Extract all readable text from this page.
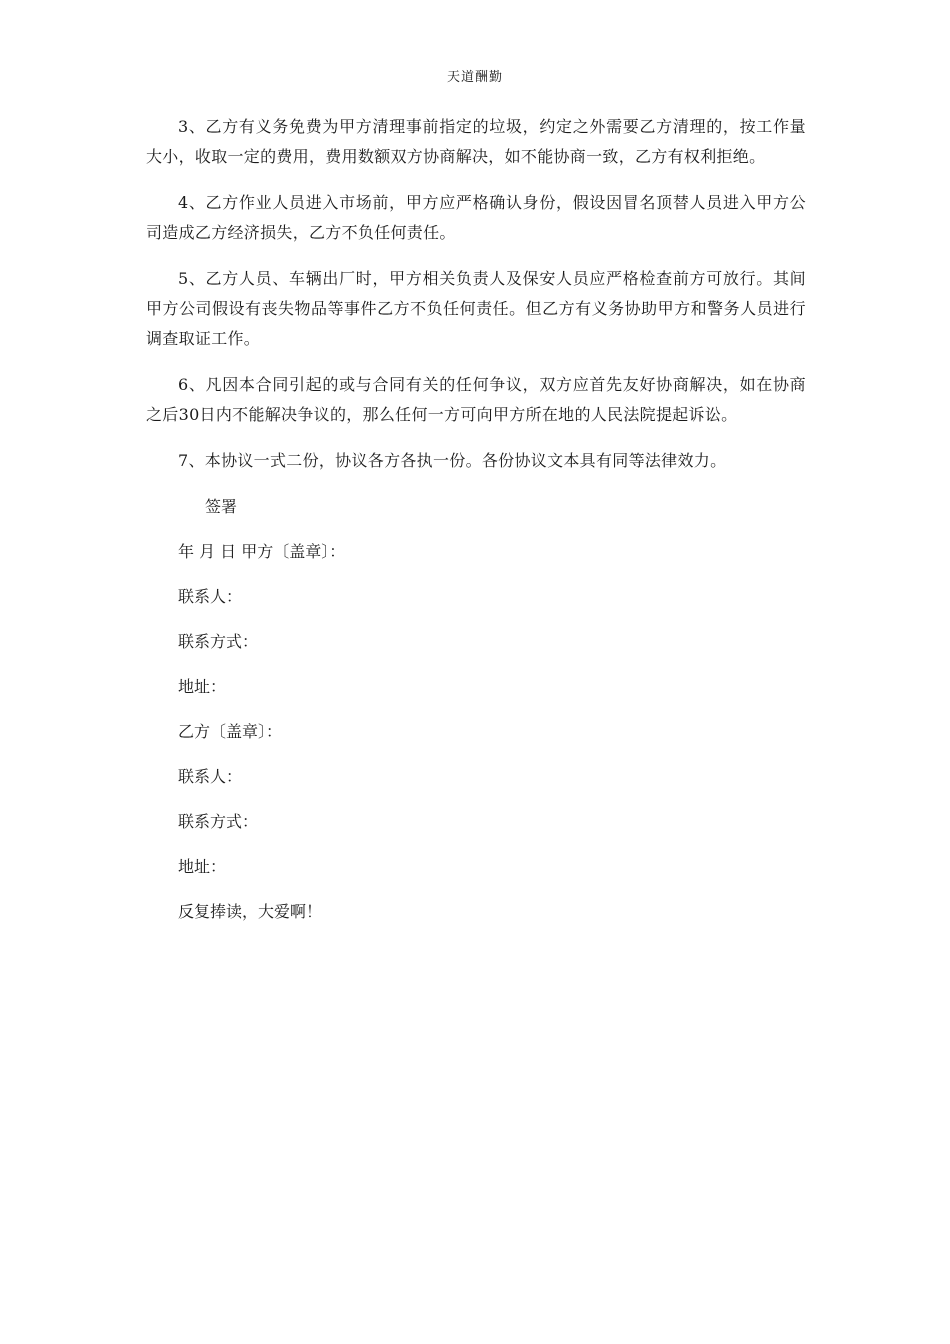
天道酬勤

3、乙方有义务免费为甲方清理事前指定的垃圾，约定之外需要乙方清理的，按工作量大小，收取一定的费用，费用数额双方协商解决，如不能协商一致，乙方有权利拒绝。

4、乙方作业人员进入市场前，甲方应严格确认身份，假设因冒名顶替人员进入甲方公司造成乙方经济损失，乙方不负任何责任。

5、乙方人员、车辆出厂时，甲方相关负责人及保安人员应严格检查前方可放行。其间甲方公司假设有丧失物品等事件乙方不负任何责任。但乙方有义务协助甲方和警务人员进行调查取证工作。

6、凡因本合同引起的或与合同有关的任何争议，双方应首先友好协商解决，如在协商之后30日内不能解决争议的，那么任何一方可向甲方所在地的人民法院提起诉讼。

7、本协议一式二份，协议各方各执一份。各份协议文本具有同等法律效力。

签署
年 月 日 甲方〔盖章〕：
联系人：
联系方式：
地址：
乙方〔盖章〕：
联系人：
联系方式：
地址：
反复捧读，大爱啊！
